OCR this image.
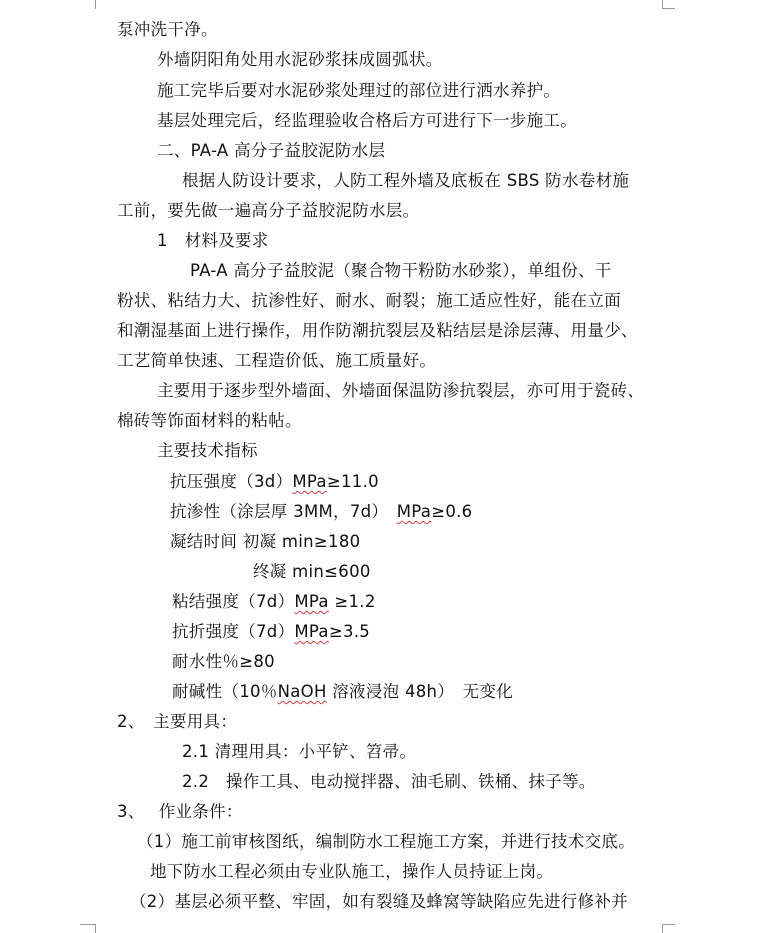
泵冲洗干净。
外墙阴阳角处用水泥砂浆抹成圆弧状。
施工完毕后要对水泥砂浆处理过的部位进行洒水养护。
基层处理完后，经监理验收合格后方可进行下一步施工。
二、PA-A 高分子益胶泥防水层
根据人防设计要求，人防工程外墙及底板在 SBS 防水卷材施
工前，要先做一遍高分子益胶泥防水层。
1　材料及要求
PA-A 高分子益胶泥（聚合物干粉防水砂浆），单组份、干
粉状、粘结力大、抗渗性好、耐水、耐裂；施工适应性好，能在立面
和潮湿基面上进行操作，用作防潮抗裂层及粘结层是涂层薄、用量少、
工艺简单快速、工程造价低、施工质量好。
主要用于逐步型外墙面、外墙面保温防渗抗裂层，亦可用于瓷砖、
棉砖等饰面材料的粘帖。
主要技术指标
抗压强度（3d）MPa≥11.0
抗渗性（涂层厚 3MM，7d）　MPa≥0.6
凝结时间 初凝 min≥180
终凝 min≤600
粘结强度（7d）MPa ≥1.2
抗折强度（7d）MPa≥3.5
耐水性％≥80
耐碱性（10％NaOH 溶液浸泡 48h）　无变化
2、　主要用具：
2.1 清理用具：小平铲、笤帚。
2.2　操作工具、电动搅拌器、油毛刷、铁桶、抹子等。
3、　 作业条件：
（1）施工前审核图纸，编制防水工程施工方案，并进行技术交底。
地下防水工程必须由专业队施工，操作人员持证上岗。
（2）基层必须平整、牢固，如有裂缝及蜂窝等缺陷应先进行修补并
